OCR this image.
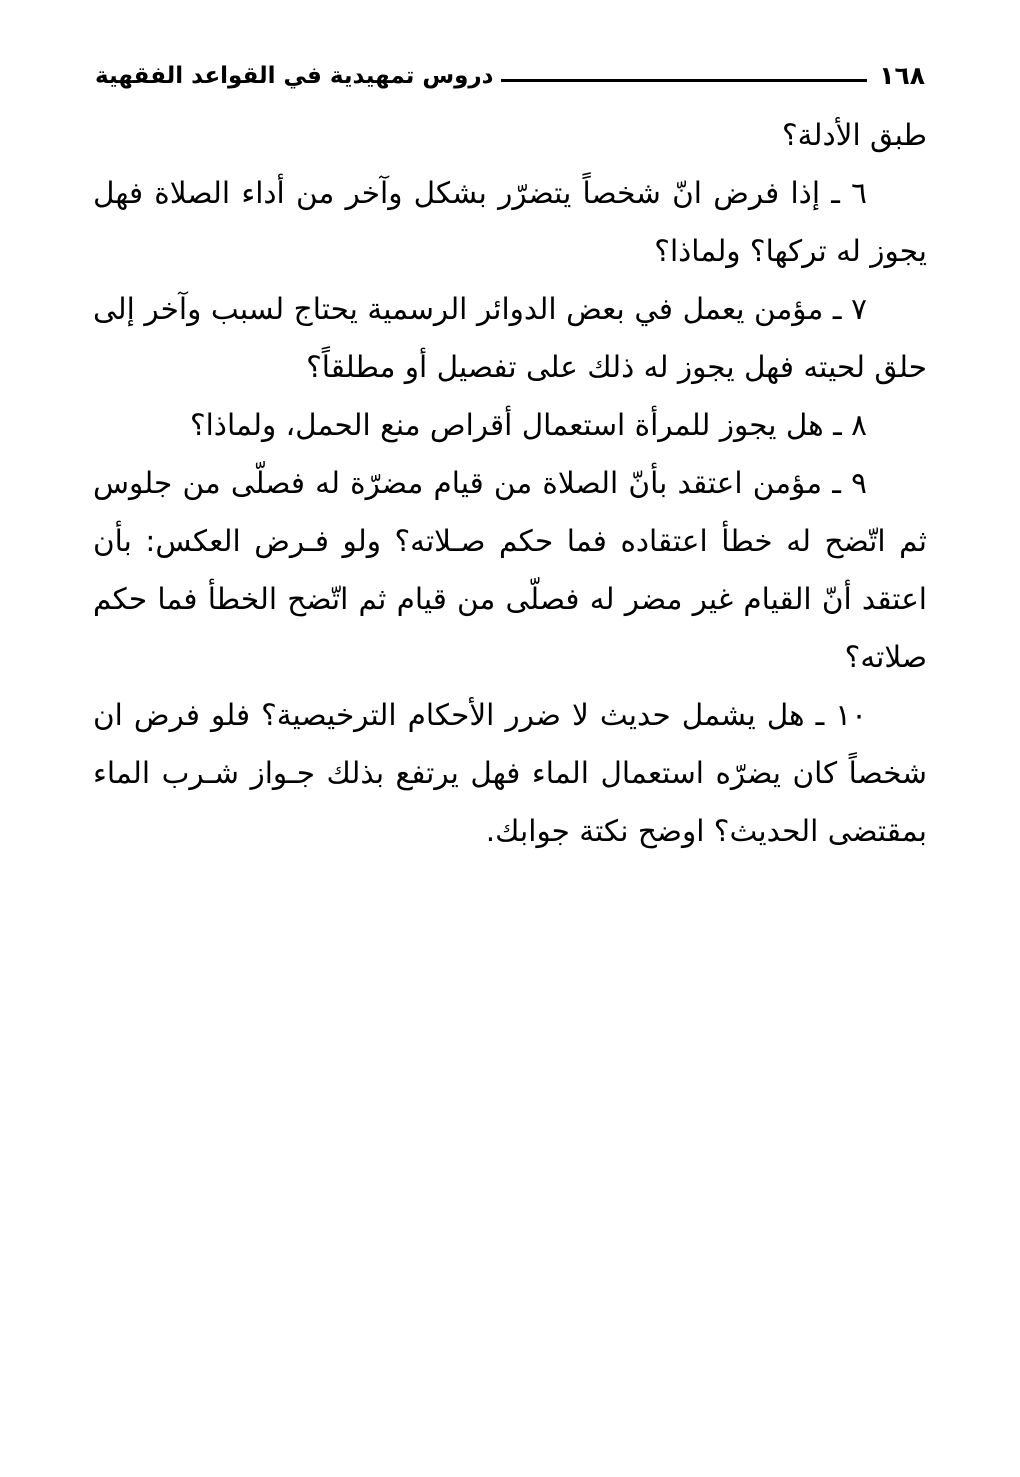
١٦٨
دروس تمهيدية في القواعد الفقهية

طبق الأدلة؟

٦ ـ إذا فرض انّ شخصاً يتضرّر بشكل وآخر من أداء الصلاة فهل يجوز له تركها؟ ولماذا؟

٧ ـ مؤمن يعمل في بعض الدوائر الرسمية يحتاج لسبب وآخر إلى حلق لحيته فهل يجوز له ذلك على تفصيل أو مطلقاً؟

٨ ـ هل يجوز للمرأة استعمال أقراص منع الحمل، ولماذا؟

٩ ـ مؤمن اعتقد بأنّ الصلاة من قيام مضرّة له فصلّى من جلوس ثم اتّضح له خطأ اعتقاده فما حكم صـلاته؟ ولو فـرض العكس: بأن اعتقد أنّ القيام غير مضر له فصلّى من قيام ثم اتّضح الخطأ فما حكم صلاته؟

١٠ ـ هل يشمل حديث لا ضرر الأحكام الترخيصية؟ فلو فرض ان شخصاً كان يضرّه استعمال الماء فهل يرتفع بذلك جـواز شـرب الماء بمقتضى الحديث؟ اوضح نكتة جوابك.
